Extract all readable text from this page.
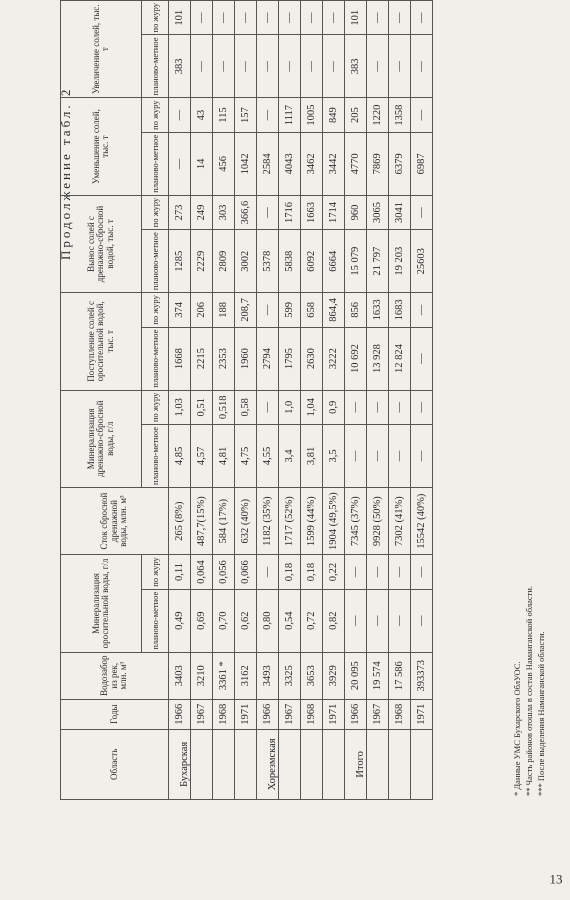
Продолжение табл. 2
Область	Годы	Водозабор из рек, млн. м³	Минерализация оросительной воды, г/л		Сток сбросной дренажной воды, млн. м³	Минерализация дренажно-сбросной воды, г/л		Поступление солей с оросительной водой, тыс. т		Вынос солей с дренажно-сбросной водой, тыс. т		Уменьшение солей, тыс. т		Увеличение солей, тыс. т	
			планово-метное	по журу		планово-метное	по журу	планово-метное	по журу	планово-метное	по журу	планово-метное	по журу	планово-метное	по журу
Бухарская	1966	3403	0,49	0,11	265 (8%)	4,85	1,03	1668	374	1285	273	—	—	383	101
	1967	3210	0,69	0,064	487,7(15%)	4,57	0,51	2215	206	2229	249	14	43	—	—
	1968	3361 *	0,70	0,056	584 (17%)	4,81	0,518	2353	188	2809	303	456	115	—	—
	1971	3162	0,62	0,066	632 (40%)	4,75	0,58	1960	208,7	3002	366,6	1042	157	—	—
Хорезмская	1966	3493	0,80	—	1182 (35%)	4,55	—	2794	—	5378	—	2584	—	—	—
	1967	3325	0,54	0,18	1717 (52%)	3,4	1,0	1795	599	5838	1716	4043	1117	—	—
	1968	3653	0,72	0,18	1599 (44%)	3,81	1,04	2630	658	6092	1663	3462	1005	—	—
	1971	3929	0,82	0,22	1904 (49,5%)	3,5	0,9	3222	864,4	6664	1714	3442	849	—	—
Итого	1966	20 095	—	—	7345 (37%)	—	—	10 692	856	15 079	960	4770	205	383	101
	1967	19 574	—	—	9928 (50%)	—	—	13 928	1633	21 797	3065	7869	1220	—	—
	1968	17 586	—	—	7302 (41%)	—	—	12 824	1683	19 203	3041	6379	1358	—	—
	1971	393373	—	—	15542 (40%)	—	—	—	—	25603	—	6987	—	—	—
* Данные УМС Бухарского ОблУОС. ** Часть районов отошла в состав Наманганской области. *** После выделения Наманганской области.
13
